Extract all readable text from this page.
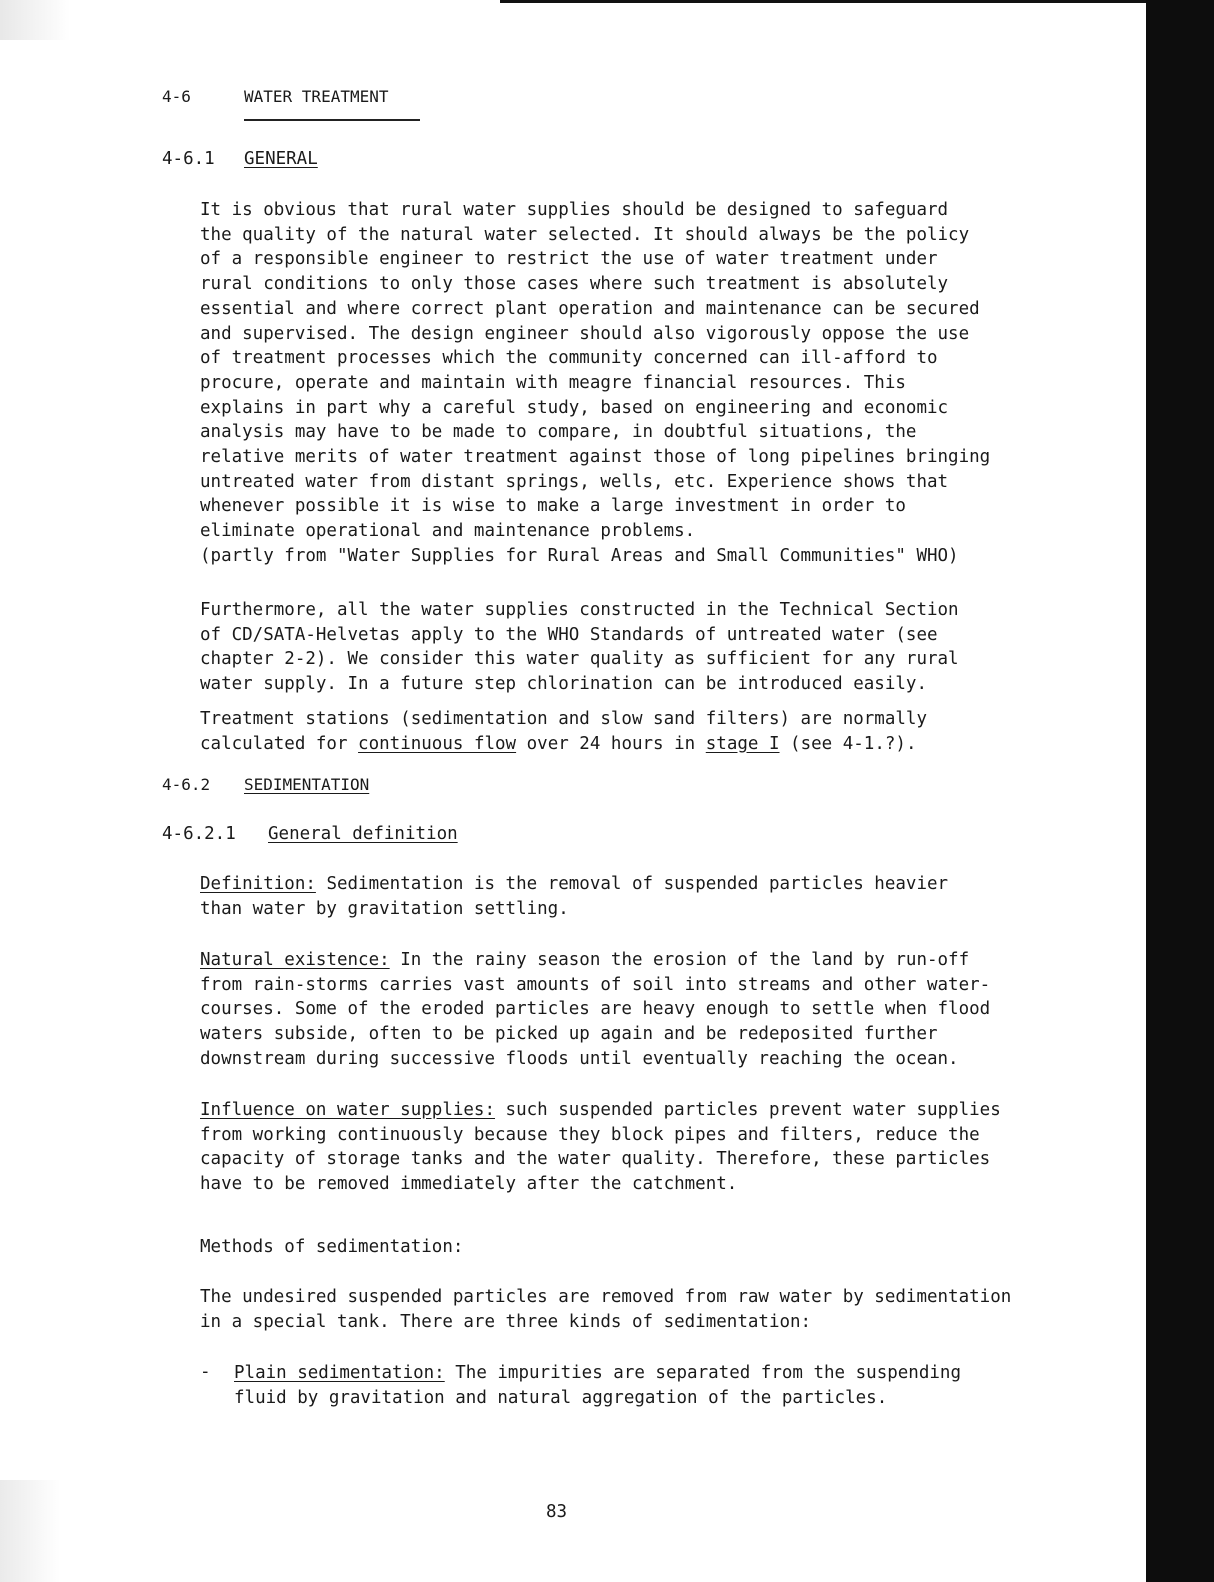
4-6	WATER TREATMENT
4-6.1 GENERAL
It is obvious that rural water supplies should be designed to safeguard
the quality of the natural water selected. It should always be the policy
of a responsible engineer to restrict the use of water treatment under
rural conditions to only those cases where such treatment is absolutely
essential and where correct plant operation and maintenance can be secured
and supervised. The design engineer should also vigorously oppose the use
of treatment processes which the community concerned can ill-afford to
procure, operate and maintain with meagre financial resources. This
explains in part why a careful study, based on engineering and economic
analysis may have to be made to compare, in doubtful situations, the
relative merits of water treatment against those of long pipelines bringing
untreated water from distant springs, wells, etc. Experience shows that
whenever possible it is wise to make a large investment in order to
eliminate operational and maintenance problems.
(partly from "Water Supplies for Rural Areas and Small Communities" WHO)
Furthermore, all the water supplies constructed in the Technical Section
of CD/SATA-Helvetas apply to the WHO Standards of untreated water (see
chapter 2-2). We consider this water quality as sufficient for any rural
water supply. In a future step chlorination can be introduced easily.
Treatment stations (sedimentation and slow sand filters) are normally
calculated for continuous flow over 24 hours in stage I (see 4-1.?).
4-6.2 SEDIMENTATION
4-6.2.1 General definition
Definition: Sedimentation is the removal of suspended particles heavier
than water by gravitation settling.
Natural existence: In the rainy season the erosion of the land by run-off
from rain-storms carries vast amounts of soil into streams and other water-
courses. Some of the eroded particles are heavy enough to settle when flood
waters subside, often to be picked up again and be redeposited further
downstream during successive floods until eventually reaching the ocean.
Influence on water supplies: such suspended particles prevent water supplies
from working continuously because they block pipes and filters, reduce the
capacity of storage tanks and the water quality. Therefore, these particles
have to be removed immediately after the catchment.
Methods of sedimentation:
The undesired suspended particles are removed from raw water by sedimentation
in a special tank. There are three kinds of sedimentation:
- Plain sedimentation: The impurities are separated from the suspending
fluid by gravitation and natural aggregation of the particles.
83
